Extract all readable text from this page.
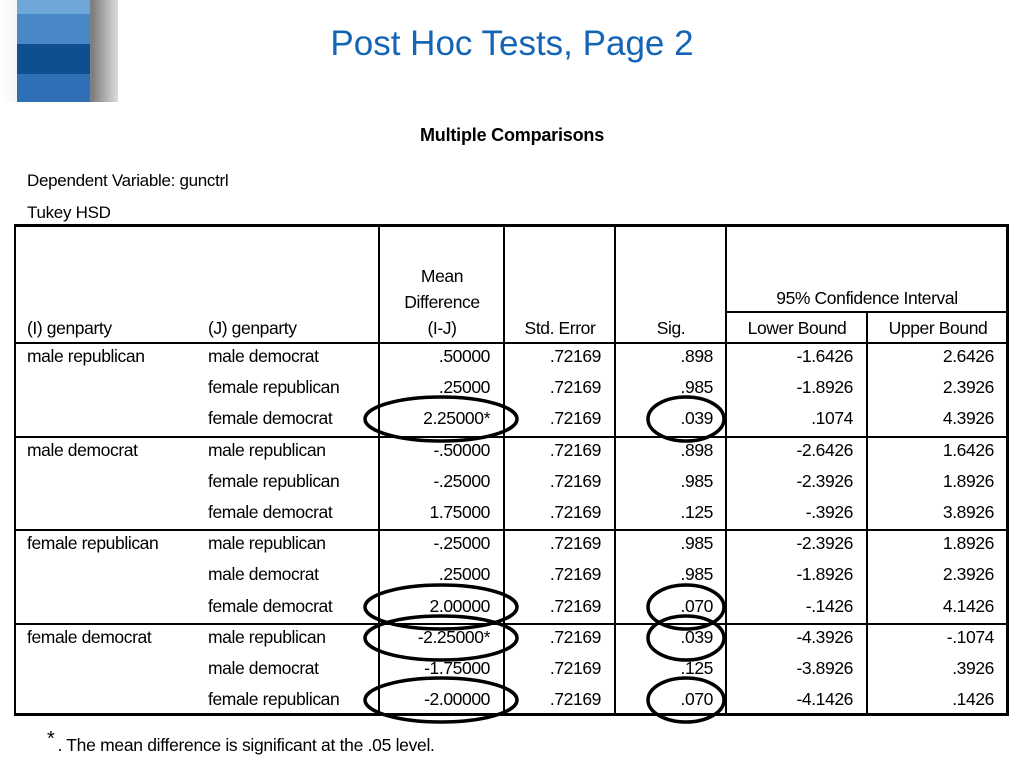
Post Hoc Tests, Page 2
Multiple Comparisons
Dependent Variable: gunctrl
Tukey HSD
(I) genparty	(J) genparty
Mean
Difference
(I-J)	Std. Error	Sig.
95% Confidence Interval
Lower Bound	Upper Bound
male republican	male democrat	.50000	.72169	.898	-1.6426	2.6426
female republican	.25000	.72169	.985	-1.8926	2.3926
female democrat	2.25000*	.72169	.039	.1074	4.3926
male democrat	male republican	-.50000	.72169	.898	-2.6426	1.6426
female republican	-.25000	.72169	.985	-2.3926	1.8926
female democrat	1.75000	.72169	.125	-.3926	3.8926
female republican	male republican	-.25000	.72169	.985	-2.3926	1.8926
male democrat	.25000	.72169	.985	-1.8926	2.3926
female democrat	2.00000	.72169	.070	-.1426	4.1426
female democrat	male republican	-2.25000*	.72169	.039	-4.3926	-.1074
male democrat	-1.75000	.72169	.125	-3.8926	.3926
female republican	-2.00000	.72169	.070	-4.1426	.1426
* . The mean difference is significant at the .05 level.
